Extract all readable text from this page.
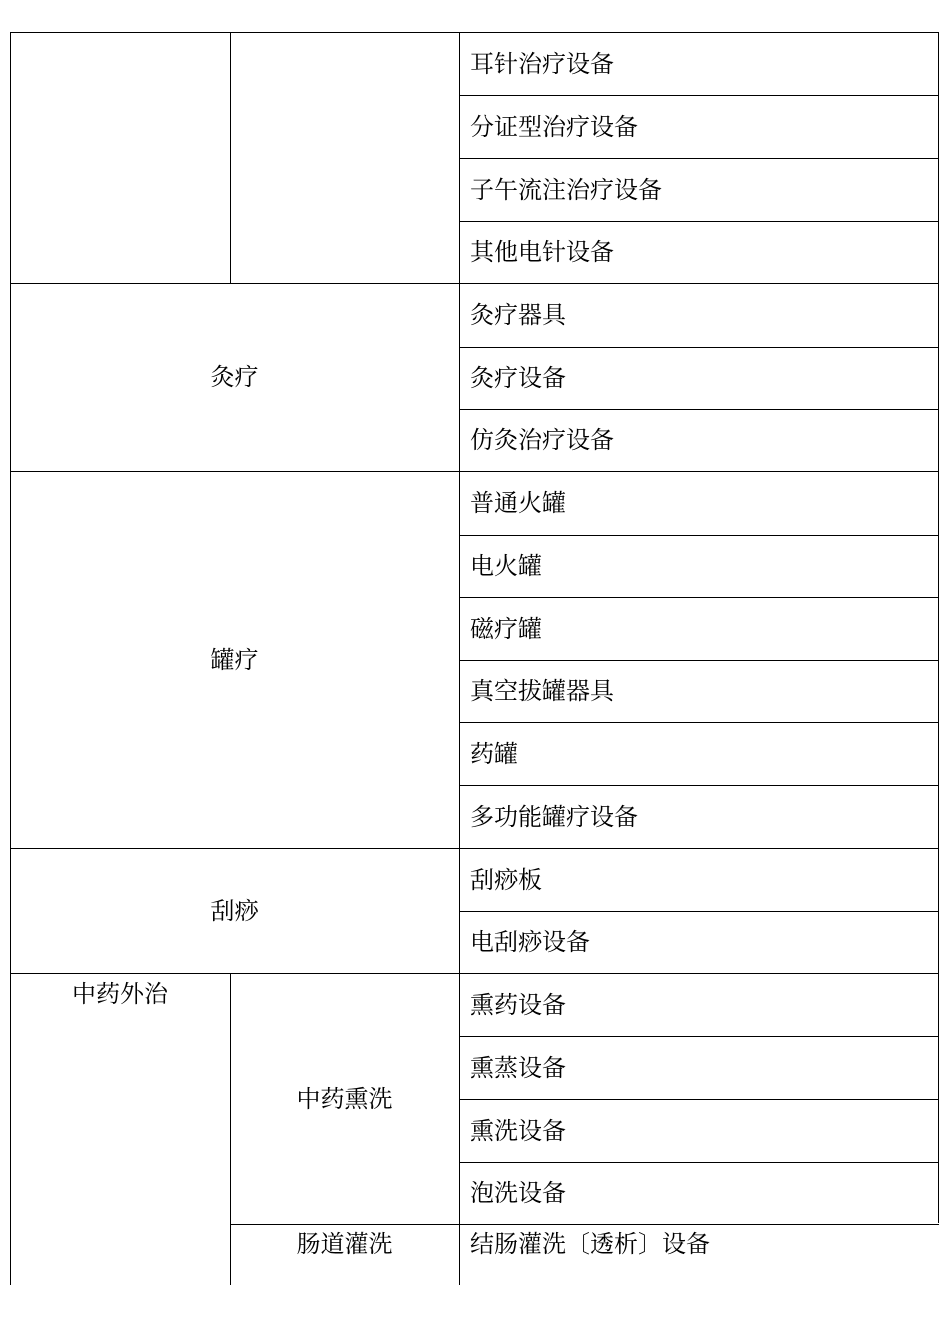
耳针治疗设备
分证型治疗设备
子午流注治疗设备
其他电针设备
灸疗器具
灸疗设备
仿灸治疗设备
普通火罐
电火罐
磁疗罐
真空拔罐器具
药罐
多功能罐疗设备
刮痧板
电刮痧设备
熏药设备
熏蒸设备
熏洗设备
泡洗设备
结肠灌洗〔透析〕设备
灸疗
罐疗
刮痧
中药外治
中药熏洗
肠道灌洗
